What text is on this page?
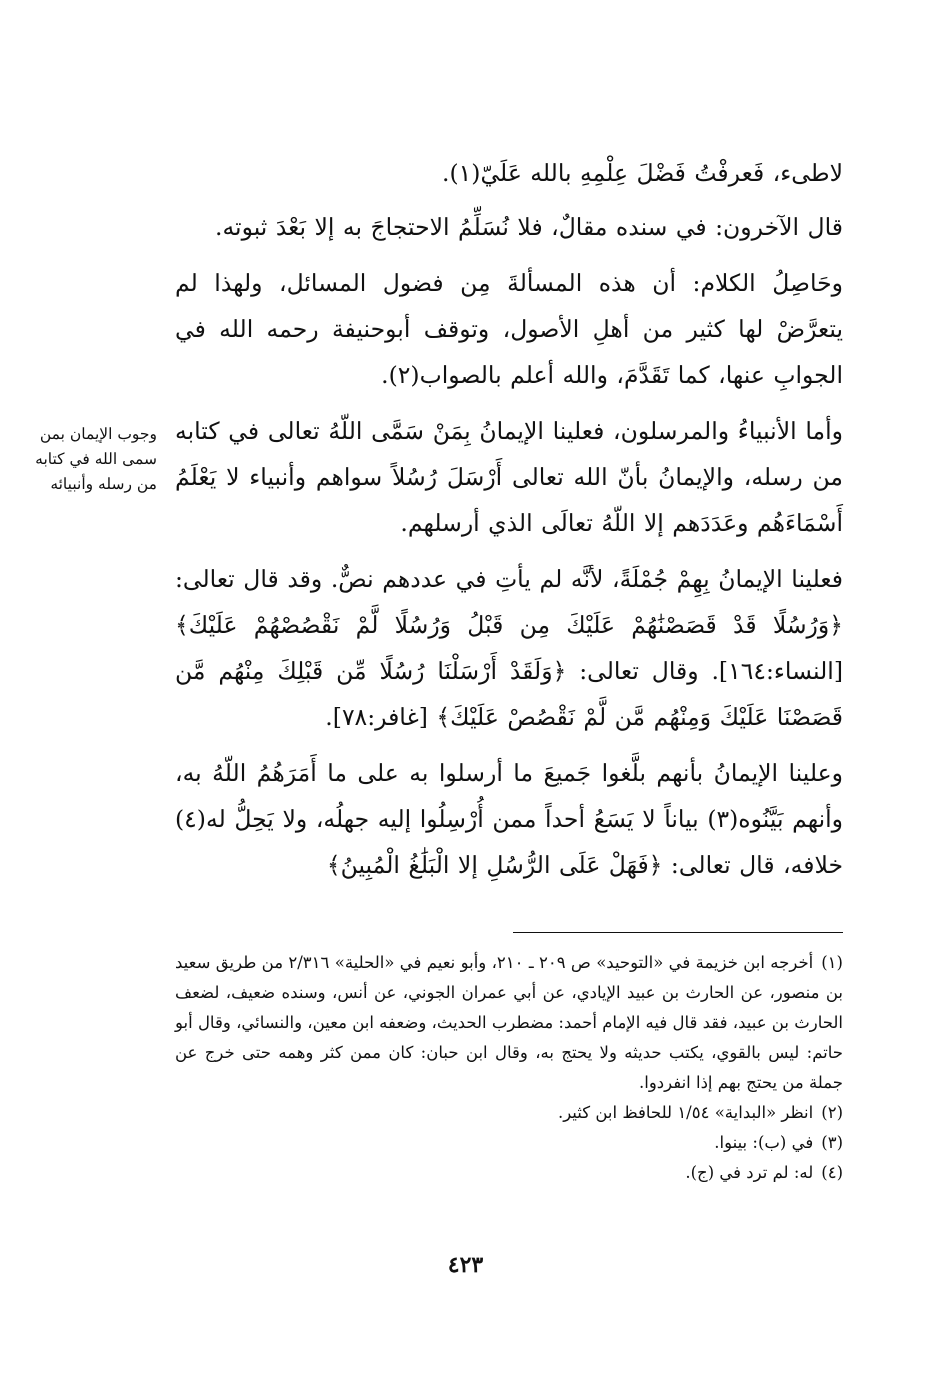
لاطىء، فَعرفْتُ فَضْلَ عِلْمِهِ بالله عَلَيّ(١).

قال الآخرون: في سنده مقالٌ، فلا نُسَلِّمُ الاحتجاجَ به إلا بَعْدَ ثبوته.

وحَاصِلُ الكلام: أن هذه المسألةَ مِن فضول المسائل، ولهذا لم يتعرَّضْ لها كثير من أهلِ الأصول، وتوقف أبوحنيفة رحمه الله في الجوابِ عنها، كما تَقَدَّمَ، والله أعلم بالصواب(٢).

وأما الأنبياءُ والمرسلون، فعلينا الإيمانُ بِمَنْ سَمَّى اللّهُ تعالى في كتابه من رسله، والإيمانُ بأنّ الله تعالى أَرْسَلَ رُسُلاً سواهم وأنبياء لا يَعْلَمُ أَسْمَاءَهُم وعَدَدَهم إلا اللّهُ تعالَى الذي أرسلهم.

فعلينا الإيمانُ بِهِمْ جُمْلَةً، لأنَّه لم يأتِ في عددهم نصٌّ. وقد قال تعالى: ﴿وَرُسُلًا قَدْ قَصَصْنَٰهُمْ عَلَيْكَ مِن قَبْلُ وَرُسُلًا لَّمْ نَقْصُصْهُمْ عَلَيْكَ﴾ [النساء:١٦٤]. وقال تعالى: ﴿وَلَقَدْ أَرْسَلْنَا رُسُلًا مِّن قَبْلِكَ مِنْهُم مَّن قَصَصْنَا عَلَيْكَ وَمِنْهُم مَّن لَّمْ نَقْصُصْ عَلَيْكَ﴾ [غافر:٧٨].

وعلينا الإيمانُ بأنهم بلَّغوا جَميعَ ما أرسلوا به على ما أَمَرَهُمُ اللّهُ به، وأنهم بَيَّنُوه(٣) بياناً لا يَسَعُ أحداً ممن أُرْسِلُوا إليه جهلُه، ولا يَحِلُّ له(٤) خلافه، قال تعالى: ﴿فَهَلْ عَلَى الرُّسُلِ إلا الْبَلَٰغُ الْمُبِينُ﴾

وجوب الإيمان بمن سمى الله في كتابه من رسله وأنبيائه

(١)أخرجه ابن خزيمة في «التوحيد» ص ٢٠٩ ـ ٢١٠، وأبو نعيم في «الحلية» ٢/٣١٦ من طريق سعيد بن منصور، عن الحارث بن عبيد الإيادي، عن أبي عمران الجوني، عن أنس، وسنده ضعيف، لضعف الحارث بن عبيد، فقد قال فيه الإمام أحمد: مضطرب الحديث، وضعفه ابن معين، والنسائي، وقال أبو حاتم: ليس بالقوي، يكتب حديثه ولا يحتج به، وقال ابن حبان: كان ممن كثر وهمه حتى خرج عن جملة من يحتج بهم إذا انفردوا.

(٢)انظر «البداية» ١/٥٤ للحافظ ابن كثير.

(٣)في (ب): بينوا.

(٤)له: لم ترد في (ج).

٤٢٣
